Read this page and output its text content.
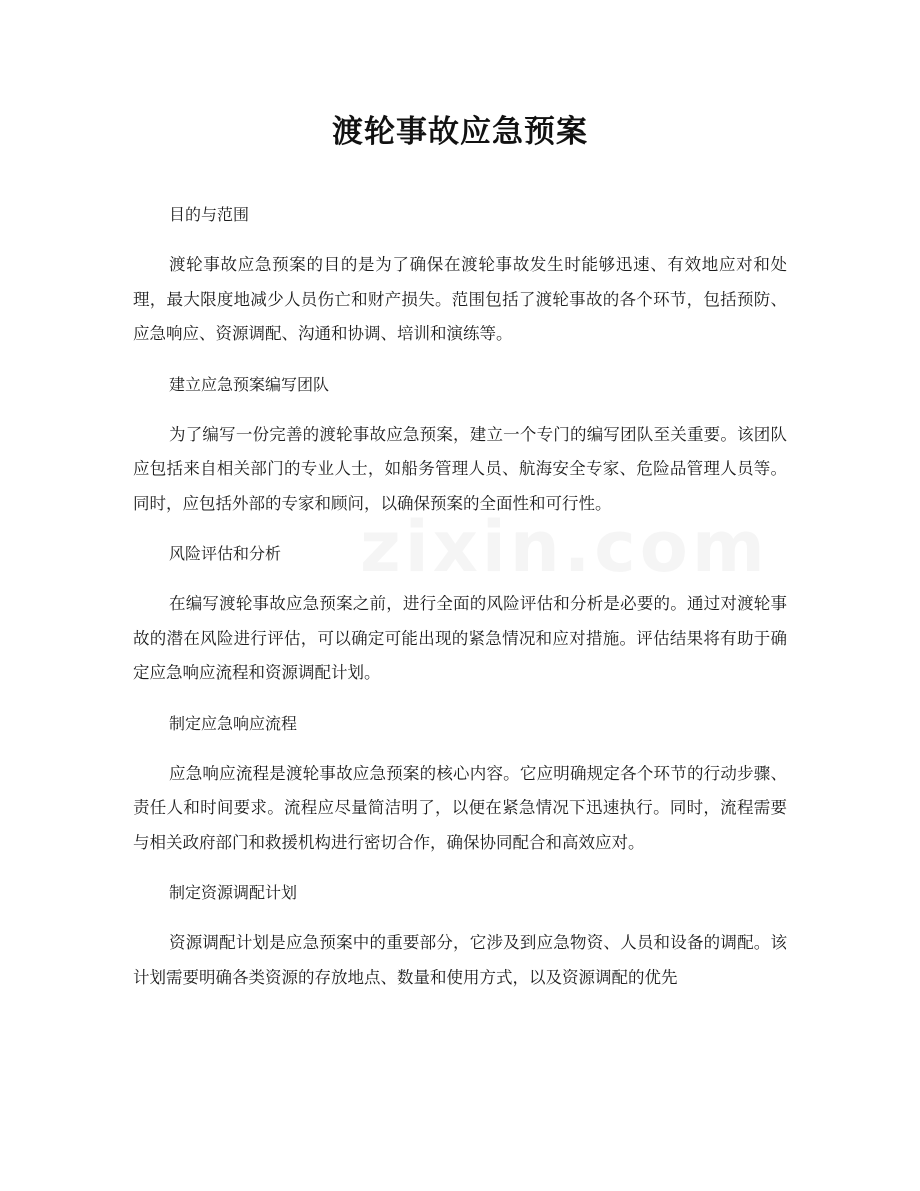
zixin.com
渡轮事故应急预案

目的与范围

渡轮事故应急预案的目的是为了确保在渡轮事故发生时能够迅速、有效地应对和处理，最大限度地减少人员伤亡和财产损失。范围包括了渡轮事故的各个环节，包括预防、应急响应、资源调配、沟通和协调、培训和演练等。

建立应急预案编写团队

为了编写一份完善的渡轮事故应急预案，建立一个专门的编写团队至关重要。该团队应包括来自相关部门的专业人士，如船务管理人员、航海安全专家、危险品管理人员等。同时，应包括外部的专家和顾问，以确保预案的全面性和可行性。

风险评估和分析

在编写渡轮事故应急预案之前，进行全面的风险评估和分析是必要的。通过对渡轮事故的潜在风险进行评估，可以确定可能出现的紧急情况和应对措施。评估结果将有助于确定应急响应流程和资源调配计划。

制定应急响应流程

应急响应流程是渡轮事故应急预案的核心内容。它应明确规定各个环节的行动步骤、责任人和时间要求。流程应尽量简洁明了，以便在紧急情况下迅速执行。同时，流程需要与相关政府部门和救援机构进行密切合作，确保协同配合和高效应对。

制定资源调配计划

资源调配计划是应急预案中的重要部分，它涉及到应急物资、人员和设备的调配。该计划需要明确各类资源的存放地点、数量和使用方式，以及资源调配的优先
